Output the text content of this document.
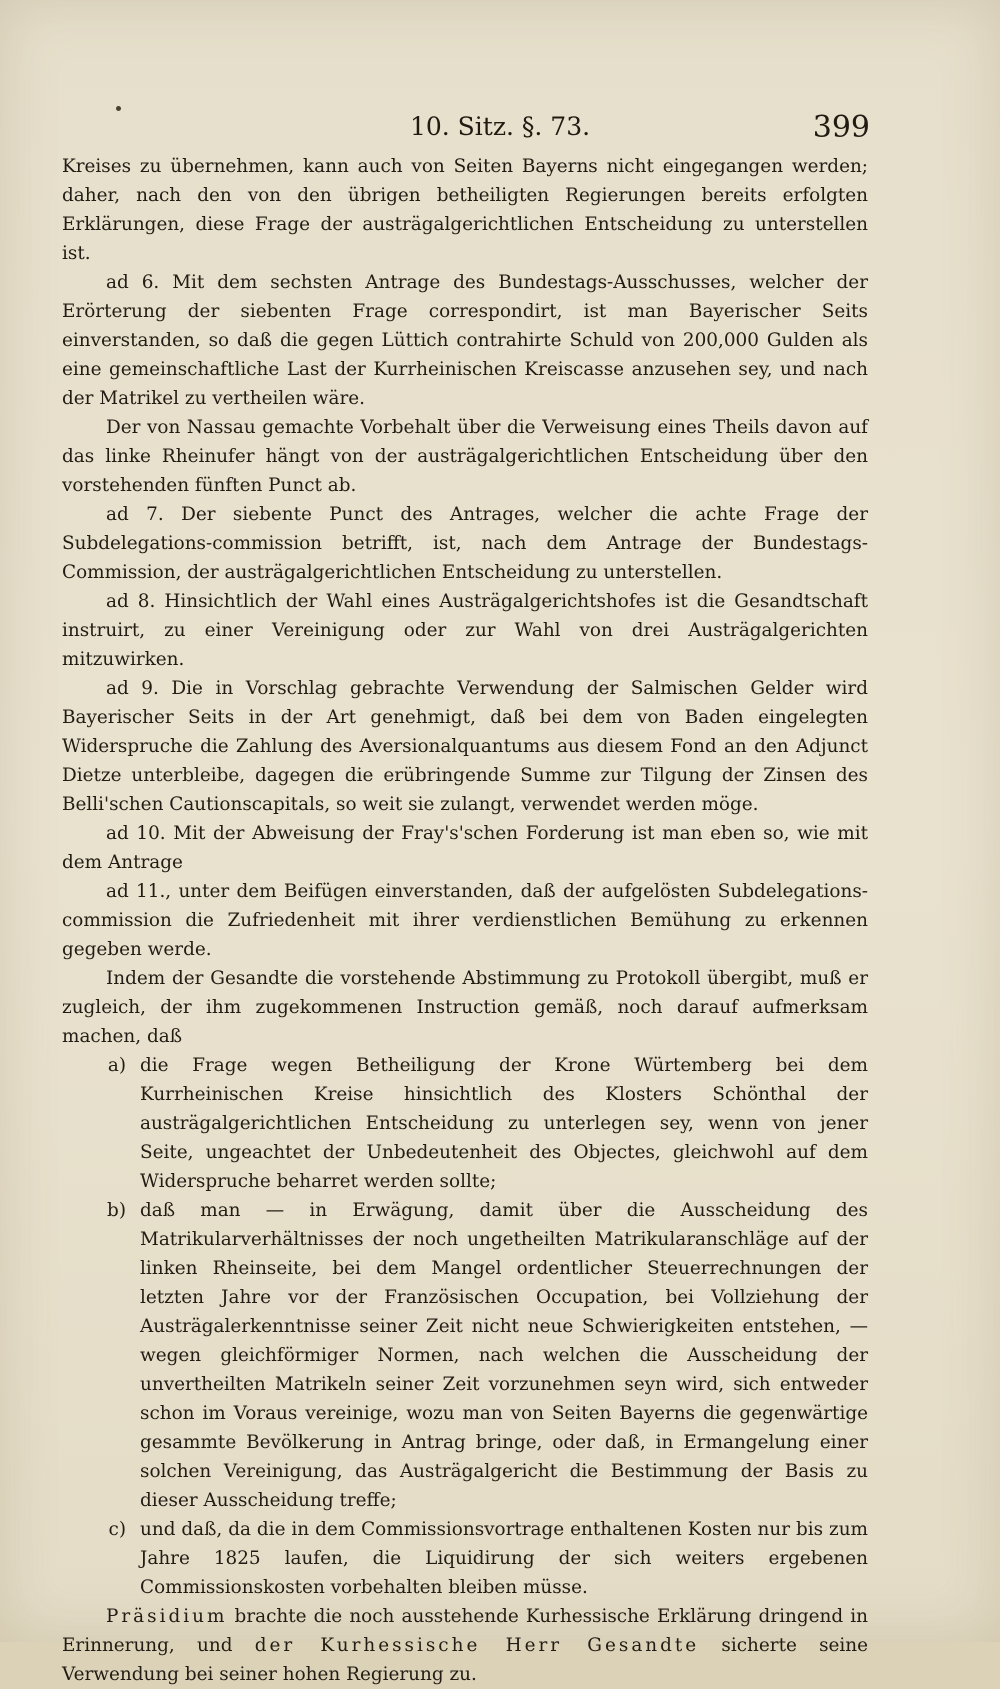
10. Sitz. §. 73.	399

Kreises zu übernehmen, kann auch von Seiten Bayerns nicht eingegangen werden; daher, nach den von den übrigen betheiligten Regierungen bereits erfolgten Erklärungen, diese Frage der austrägalgerichtlichen Entscheidung zu unterstellen ist.

ad 6. Mit dem sechsten Antrage des Bundestags-Ausschusses, welcher der Erörterung der siebenten Frage correspondirt, ist man Bayerischer Seits einverstanden, so daß die gegen Lüttich contrahirte Schuld von 200,000 Gulden als eine gemeinschaftliche Last der Kurrheinischen Kreiscasse anzusehen sey, und nach der Matrikel zu vertheilen wäre.

Der von Nassau gemachte Vorbehalt über die Verweisung eines Theils davon auf das linke Rheinufer hängt von der austrägalgerichtlichen Entscheidung über den vorstehenden fünften Punct ab.

ad 7. Der siebente Punct des Antrages, welcher die achte Frage der Subdelegations-commission betrifft, ist, nach dem Antrage der Bundestags-Commission, der austrägalgerichtlichen Entscheidung zu unterstellen.

ad 8. Hinsichtlich der Wahl eines Austrägalgerichtshofes ist die Gesandtschaft instruirt, zu einer Vereinigung oder zur Wahl von drei Austrägalgerichten mitzuwirken.

ad 9. Die in Vorschlag gebrachte Verwendung der Salmischen Gelder wird Bayerischer Seits in der Art genehmigt, daß bei dem von Baden eingelegten Widerspruche die Zahlung des Aversionalquantums aus diesem Fond an den Adjunct Dietze unterbleibe, dagegen die erübringende Summe zur Tilgung der Zinsen des Belli'schen Cautionscapitals, so weit sie zulangt, verwendet werden möge.

ad 10. Mit der Abweisung der Fray's'schen Forderung ist man eben so, wie mit dem Antrage

ad 11., unter dem Beifügen einverstanden, daß der aufgelösten Subdelegations-commission die Zufriedenheit mit ihrer verdienstlichen Bemühung zu erkennen gegeben werde.

Indem der Gesandte die vorstehende Abstimmung zu Protokoll übergibt, muß er zugleich, der ihm zugekommenen Instruction gemäß, noch darauf aufmerksam machen, daß

a) die Frage wegen Betheiligung der Krone Würtemberg bei dem Kurrheinischen Kreise hinsichtlich des Klosters Schönthal der austrägalgerichtlichen Entscheidung zu unterlegen sey, wenn von jener Seite, ungeachtet der Unbedeutenheit des Objectes, gleichwohl auf dem Widerspruche beharret werden sollte;
b) daß man — in Erwägung, damit über die Ausscheidung des Matrikularverhältnisses der noch ungetheilten Matrikularanschläge auf der linken Rheinseite, bei dem Mangel ordentlicher Steuerrechnungen der letzten Jahre vor der Französischen Occupation, bei Vollziehung der Austrägalerkenntnisse seiner Zeit nicht neue Schwierigkeiten entstehen, — wegen gleichförmiger Normen, nach welchen die Ausscheidung der unvertheilten Matrikeln seiner Zeit vorzunehmen seyn wird, sich entweder schon im Voraus vereinige, wozu man von Seiten Bayerns die gegenwärtige gesammte Bevölkerung in Antrag bringe, oder daß, in Ermangelung einer solchen Vereinigung, das Austrägalgericht die Bestimmung der Basis zu dieser Ausscheidung treffe;
c) und daß, da die in dem Commissionsvortrage enthaltenen Kosten nur bis zum Jahre 1825 laufen, die Liquidirung der sich weiters ergebenen Commissionskosten vorbehalten bleiben müsse.

Präsidium brachte die noch ausstehende Kurhessische Erklärung dringend in Erinnerung, und der Kurhessische Herr Gesandte sicherte seine Verwendung bei seiner hohen Regierung zu.
